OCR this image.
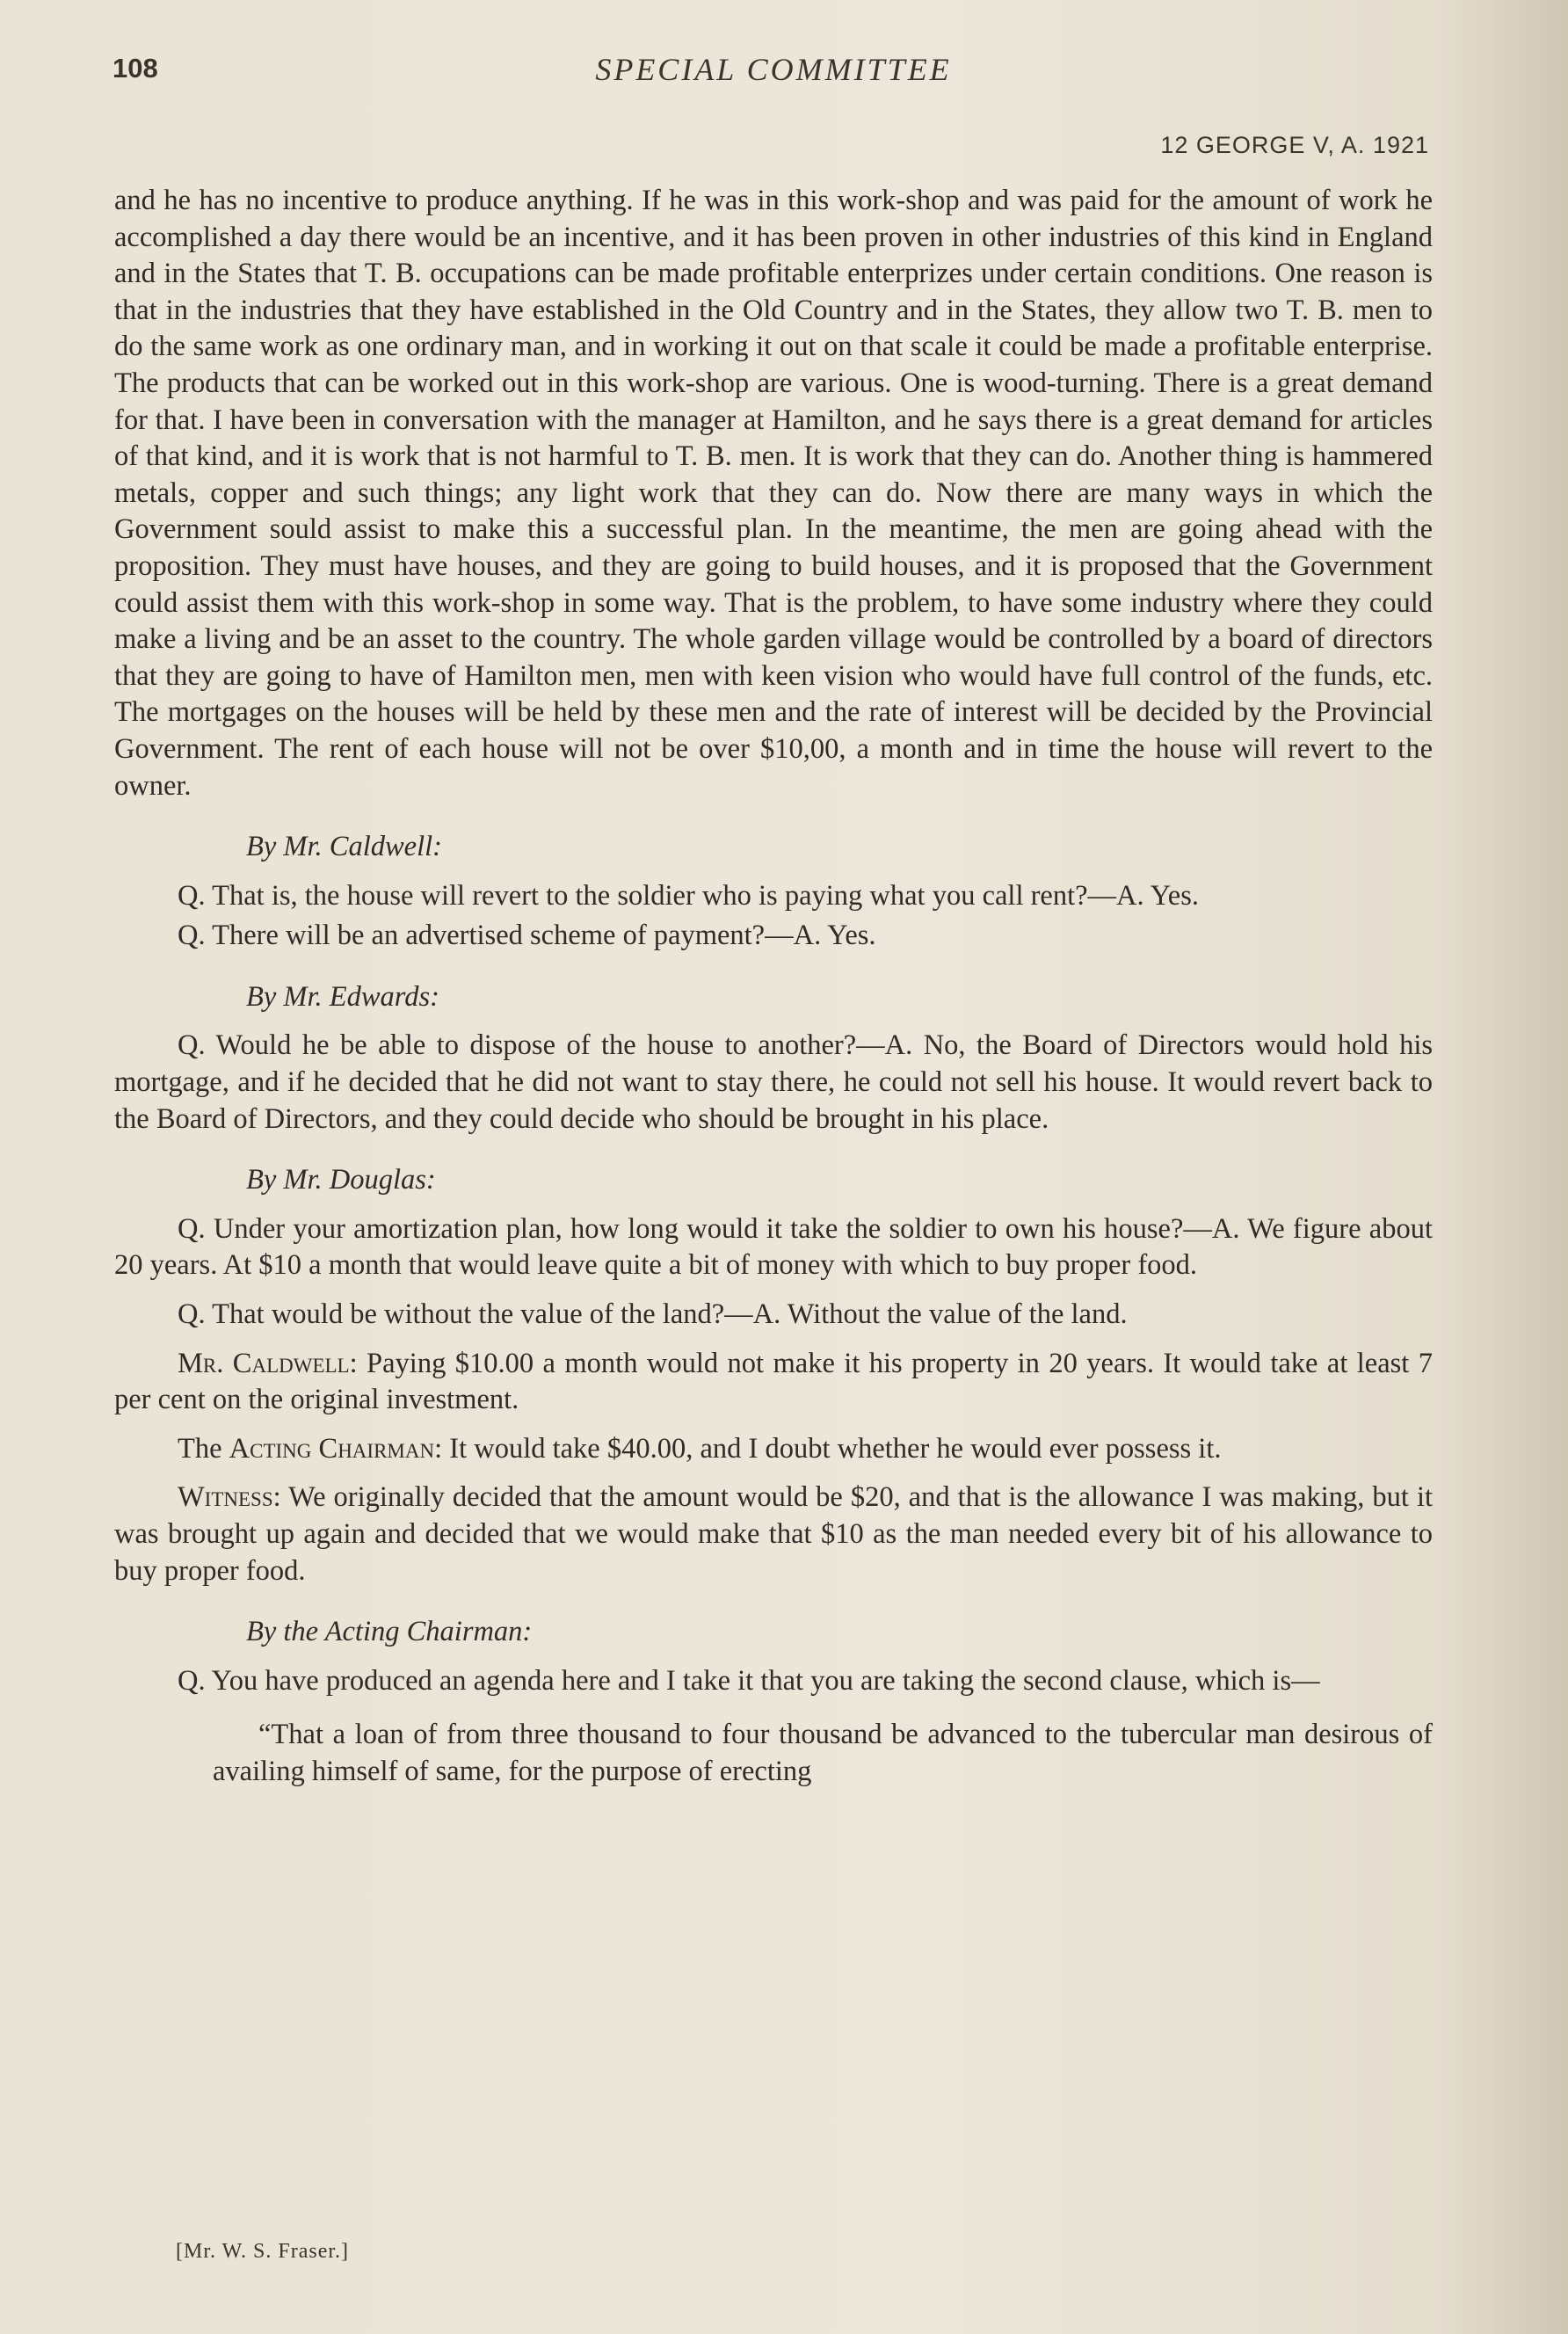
108	SPECIAL COMMITTEE
12 GEORGE V, A. 1921

and he has no incentive to produce anything. If he was in this work-shop and was paid for the amount of work he accomplished a day there would be an incentive, and it has been proven in other industries of this kind in England and in the States that T. B. occupations can be made profitable enterprizes under certain conditions. One reason is that in the industries that they have established in the Old Country and in the States, they allow two T. B. men to do the same work as one ordinary man, and in working it out on that scale it could be made a profitable enterprise. The products that can be worked out in this work-shop are various. One is wood-turning. There is a great demand for that. I have been in conversation with the manager at Hamilton, and he says there is a great demand for articles of that kind, and it is work that is not harmful to T. B. men. It is work that they can do. Another thing is hammered metals, copper and such things; any light work that they can do. Now there are many ways in which the Government sould assist to make this a successful plan. In the meantime, the men are going ahead with the proposition. They must have houses, and they are going to build houses, and it is proposed that the Government could assist them with this work-shop in some way. That is the problem, to have some industry where they could make a living and be an asset to the country. The whole garden village would be controlled by a board of directors that they are going to have of Hamilton men, men with keen vision who would have full control of the funds, etc. The mortgages on the houses will be held by these men and the rate of interest will be decided by the Provincial Government. The rent of each house will not be over $10,00, a month and in time the house will revert to the owner.

By Mr. Caldwell:

Q. That is, the house will revert to the soldier who is paying what you call rent?—A. Yes.

Q. There will be an advertised scheme of payment?—A. Yes.

By Mr. Edwards:

Q. Would he be able to dispose of the house to another?—A. No, the Board of Directors would hold his mortgage, and if he decided that he did not want to stay there, he could not sell his house. It would revert back to the Board of Directors, and they could decide who should be brought in his place.

By Mr. Douglas:

Q. Under your amortization plan, how long would it take the soldier to own his house?—A. We figure about 20 years. At $10 a month that would leave quite a bit of money with which to buy proper food.

Q. That would be without the value of the land?—A. Without the value of the land.

Mr. Caldwell: Paying $10.00 a month would not make it his property in 20 years. It would take at least 7 per cent on the original investment.

The Acting Chairman: It would take $40.00, and I doubt whether he would ever possess it.

Witness: We originally decided that the amount would be $20, and that is the allowance I was making, but it was brought up again and decided that we would make that $10 as the man needed every bit of his allowance to buy proper food.

By the Acting Chairman:

Q. You have produced an agenda here and I take it that you are taking the second clause, which is—

“That a loan of from three thousand to four thousand be advanced to the tubercular man desirous of availing himself of same, for the purpose of erecting

[Mr. W. S. Fraser.]
